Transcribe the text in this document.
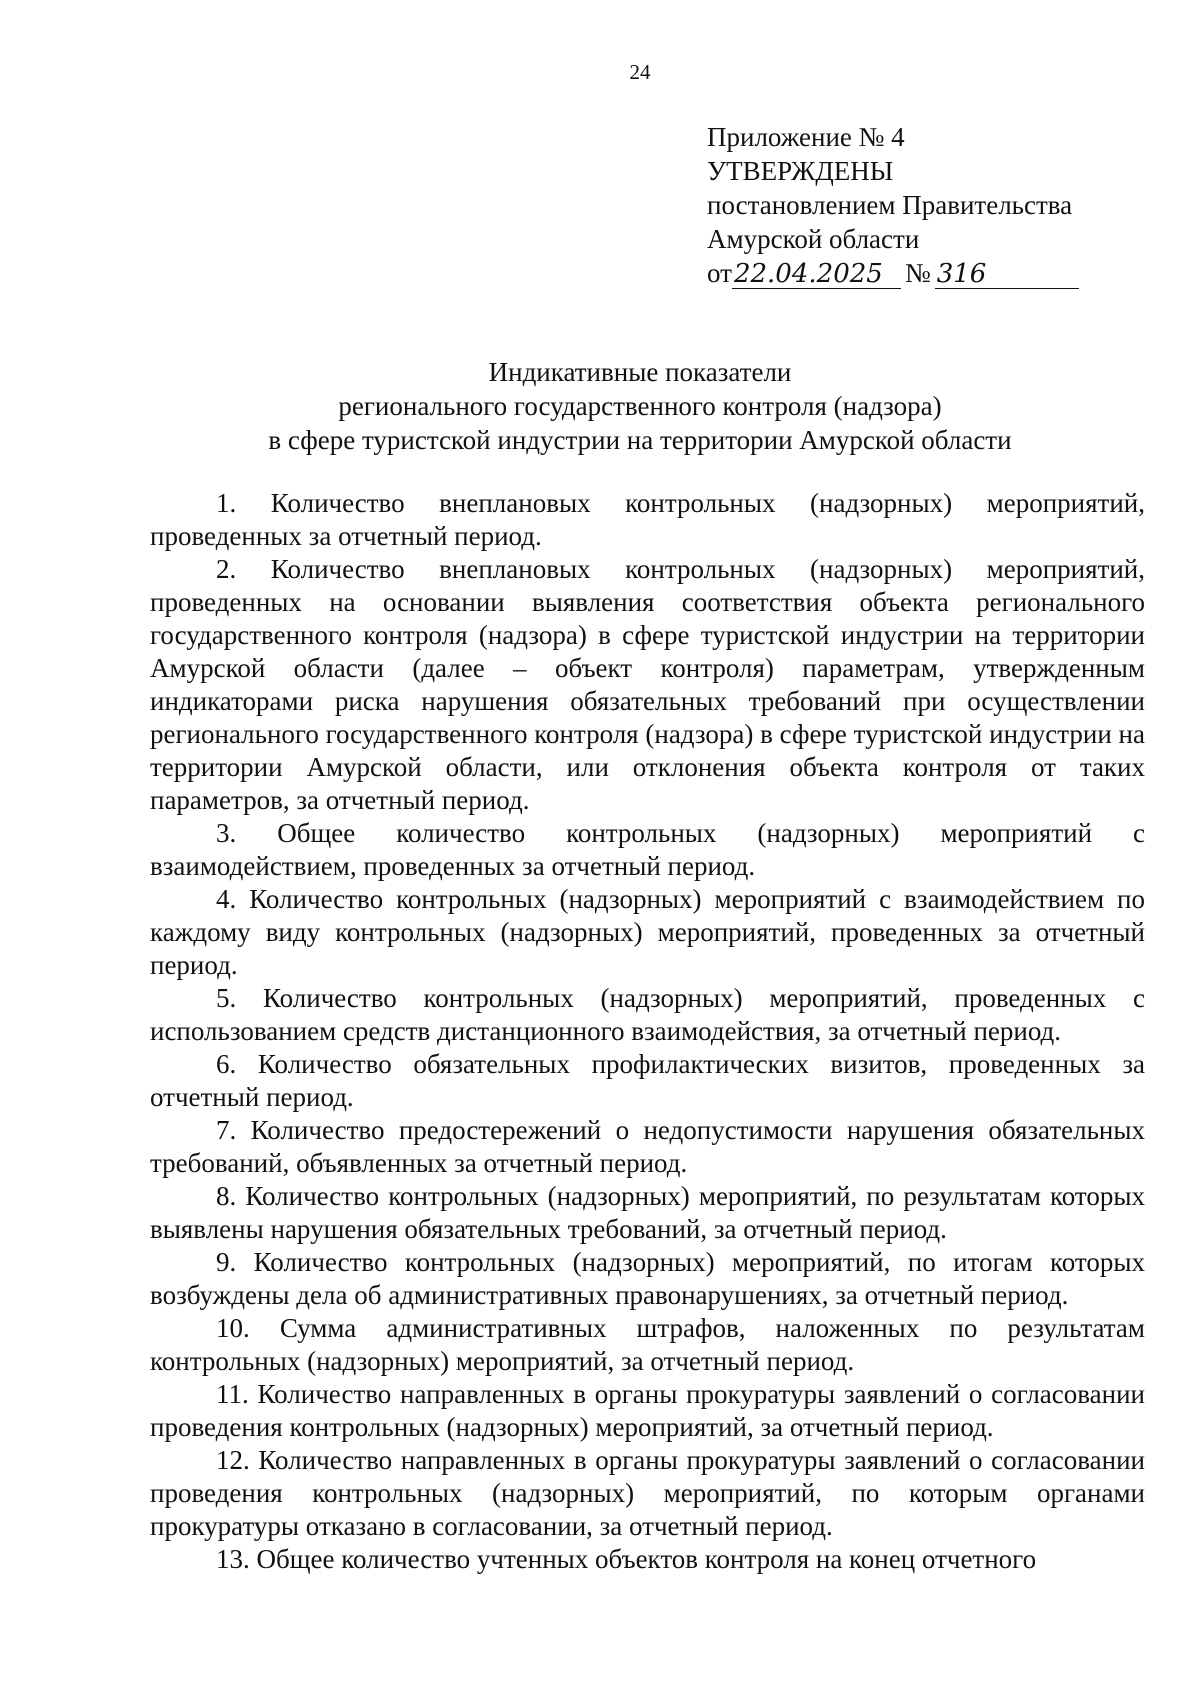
24
Приложение № 4
УТВЕРЖДЕНЫ
постановлением Правительства
Амурской области
от 22.04.2025 № 316
Индикативные показатели
регионального государственного контроля (надзора)
в сфере туристской индустрии на территории Амурской области

1. Количество внеплановых контрольных (надзорных) мероприятий, проведенных за отчетный период.

2. Количество внеплановых контрольных (надзорных) мероприятий, проведенных на основании выявления соответствия объекта регионального государственного контроля (надзора) в сфере туристской индустрии на территории Амурской области (далее – объект контроля) параметрам, утвержденным индикаторами риска нарушения обязательных требований при осуществлении регионального государственного контроля (надзора) в сфере туристской индустрии на территории Амурской области, или отклонения объекта контроля от таких параметров, за отчетный период.

3. Общее количество контрольных (надзорных) мероприятий с взаимодействием, проведенных за отчетный период.

4. Количество контрольных (надзорных) мероприятий с взаимодействием по каждому виду контрольных (надзорных) мероприятий, проведенных за отчетный период.

5. Количество контрольных (надзорных) мероприятий, проведенных с использованием средств дистанционного взаимодействия, за отчетный период.

6. Количество обязательных профилактических визитов, проведенных за отчетный период.

7. Количество предостережений о недопустимости нарушения обязательных требований, объявленных за отчетный период.

8. Количество контрольных (надзорных) мероприятий, по результатам которых выявлены нарушения обязательных требований, за отчетный период.

9. Количество контрольных (надзорных) мероприятий, по итогам которых возбуждены дела об административных правонарушениях, за отчетный период.

10. Сумма административных штрафов, наложенных по результатам контрольных (надзорных) мероприятий, за отчетный период.

11. Количество направленных в органы прокуратуры заявлений о согласовании проведения контрольных (надзорных) мероприятий, за отчетный период.

12. Количество направленных в органы прокуратуры заявлений о согласовании проведения контрольных (надзорных) мероприятий, по которым органами прокуратуры отказано в согласовании, за отчетный период.

13. Общее количество учтенных объектов контроля на конец отчетного
